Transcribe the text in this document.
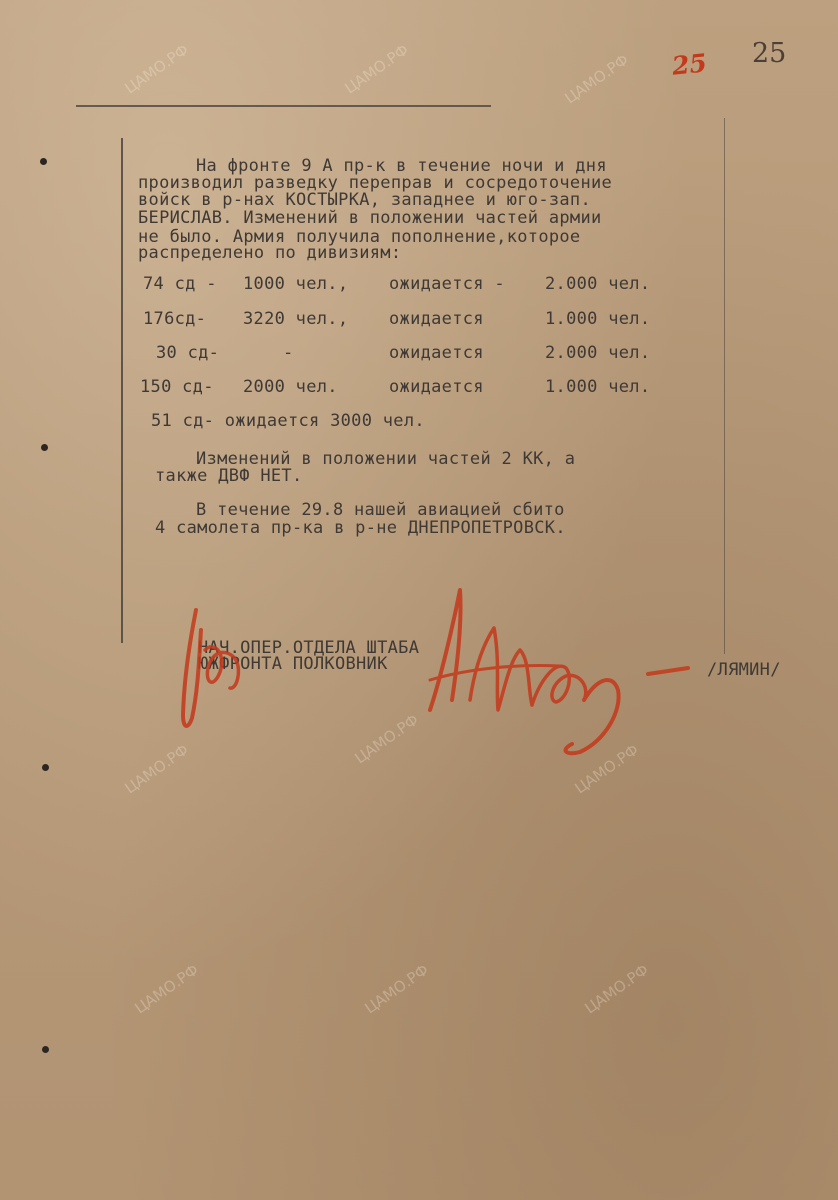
ЦАМО.РФ	ЦАМО.РФ	ЦАМО.РФ
ЦАМО.РФ
ЦАМО.РФ
ЦАМО.РФ
ЦАМО.РФ	ЦАМО.РФ	ЦАМО.РФ
25 25
На фронте 9 А пр-к в течение ночи и дня
производил разведку переправ и сосредоточение
войск в р-нах КОСТЫРКА, западнее и юго-зап.
БЕРИСЛАВ. Изменений в положении частей армии
не было. Армия получила пополнение,которое
распределено по дивизиям:
74 сд - 1000 чел., ожидается - 2.000 чел.
176сд- 3220 чел., ожидается	1.000 чел.
30 сд-	-	ожидается	2.000 чел.
150 сд- 2000 чел.	ожидается	1.000 чел.
51 сд- ожидается 3000 чел.
Изменений в положении частей 2 КК, а
также ДВФ НЕТ.
В течение 29.8 нашей авиацией сбито
4 самолета пр-ка в р-не ДНЕПРОПЕТРОВСК.
НАЧ.ОПЕР.ОТДЕЛА ШТАБА
ЮЖФРОНТА ПОЛКОВНИК	/ЛЯМИН/
